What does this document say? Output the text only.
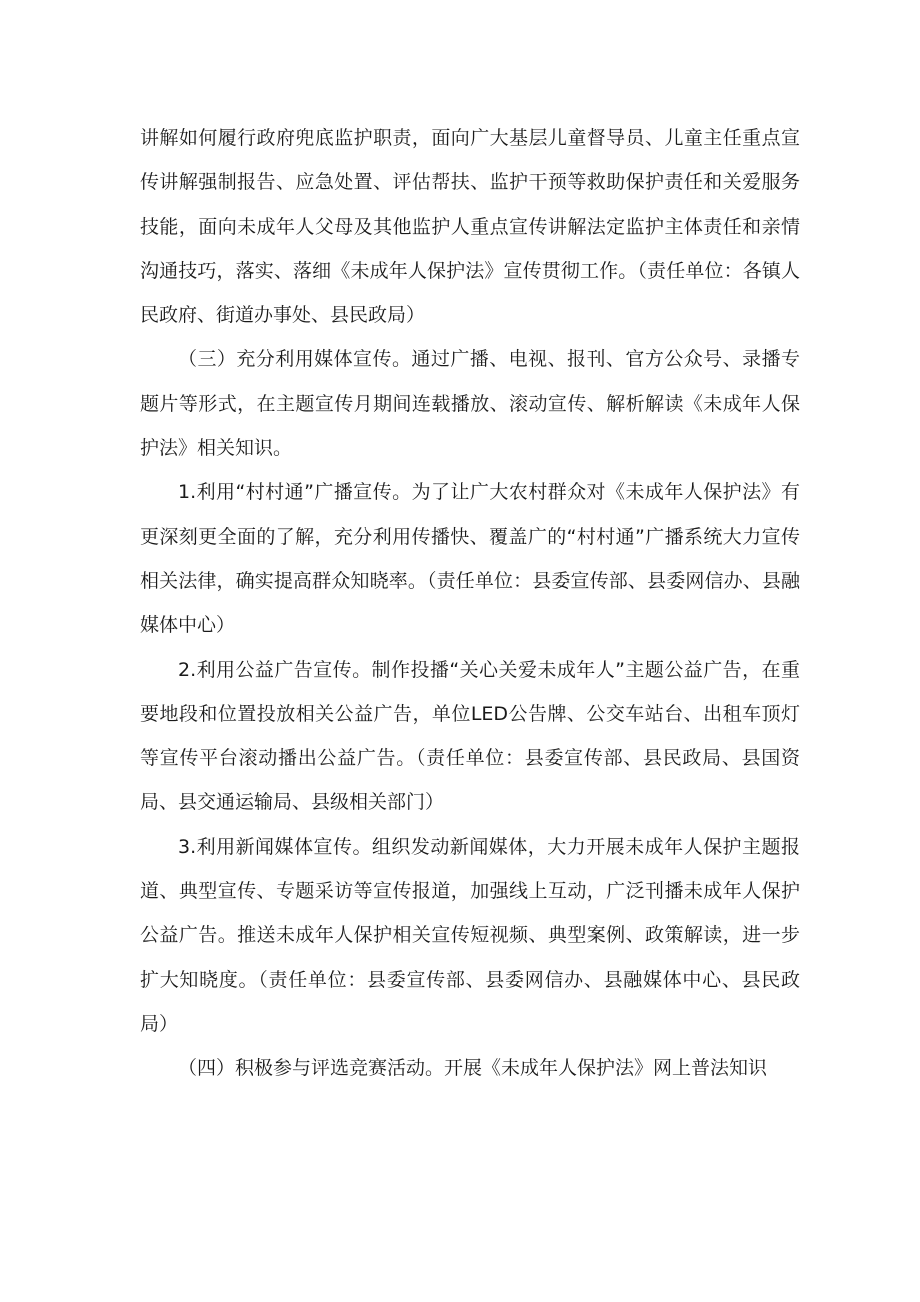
讲解如何履行政府兜底监护职责，面向广大基层儿童督导员、儿童主任重点宣传讲解强制报告、应急处置、评估帮扶、监护干预等救助保护责任和关爱服务技能，面向未成年人父母及其他监护人重点宣传讲解法定监护主体责任和亲情沟通技巧，落实、落细《未成年人保护法》宣传贯彻工作。（责任单位：各镇人民政府、街道办事处、县民政局）

（三）充分利用媒体宣传。通过广播、电视、报刊、官方公众号、录播专题片等形式，在主题宣传月期间连载播放、滚动宣传、解析解读《未成年人保护法》相关知识。

1.利用“村村通”广播宣传。为了让广大农村群众对《未成年人保护法》有更深刻更全面的了解，充分利用传播快、覆盖广的“村村通”广播系统大力宣传相关法律，确实提高群众知晓率。（责任单位：县委宣传部、县委网信办、县融媒体中心）

2.利用公益广告宣传。制作投播“关心关爱未成年人”主题公益广告，在重要地段和位置投放相关公益广告，单位LED公告牌、公交车站台、出租车顶灯等宣传平台滚动播出公益广告。（责任单位：县委宣传部、县民政局、县国资局、县交通运输局、县级相关部门）

3.利用新闻媒体宣传。组织发动新闻媒体，大力开展未成年人保护主题报道、典型宣传、专题采访等宣传报道，加强线上互动，广泛刊播未成年人保护公益广告。推送未成年人保护相关宣传短视频、典型案例、政策解读，进一步扩大知晓度。（责任单位：县委宣传部、县委网信办、县融媒体中心、县民政局）

（四）积极参与评选竞赛活动。开展《未成年人保护法》网上普法知识
